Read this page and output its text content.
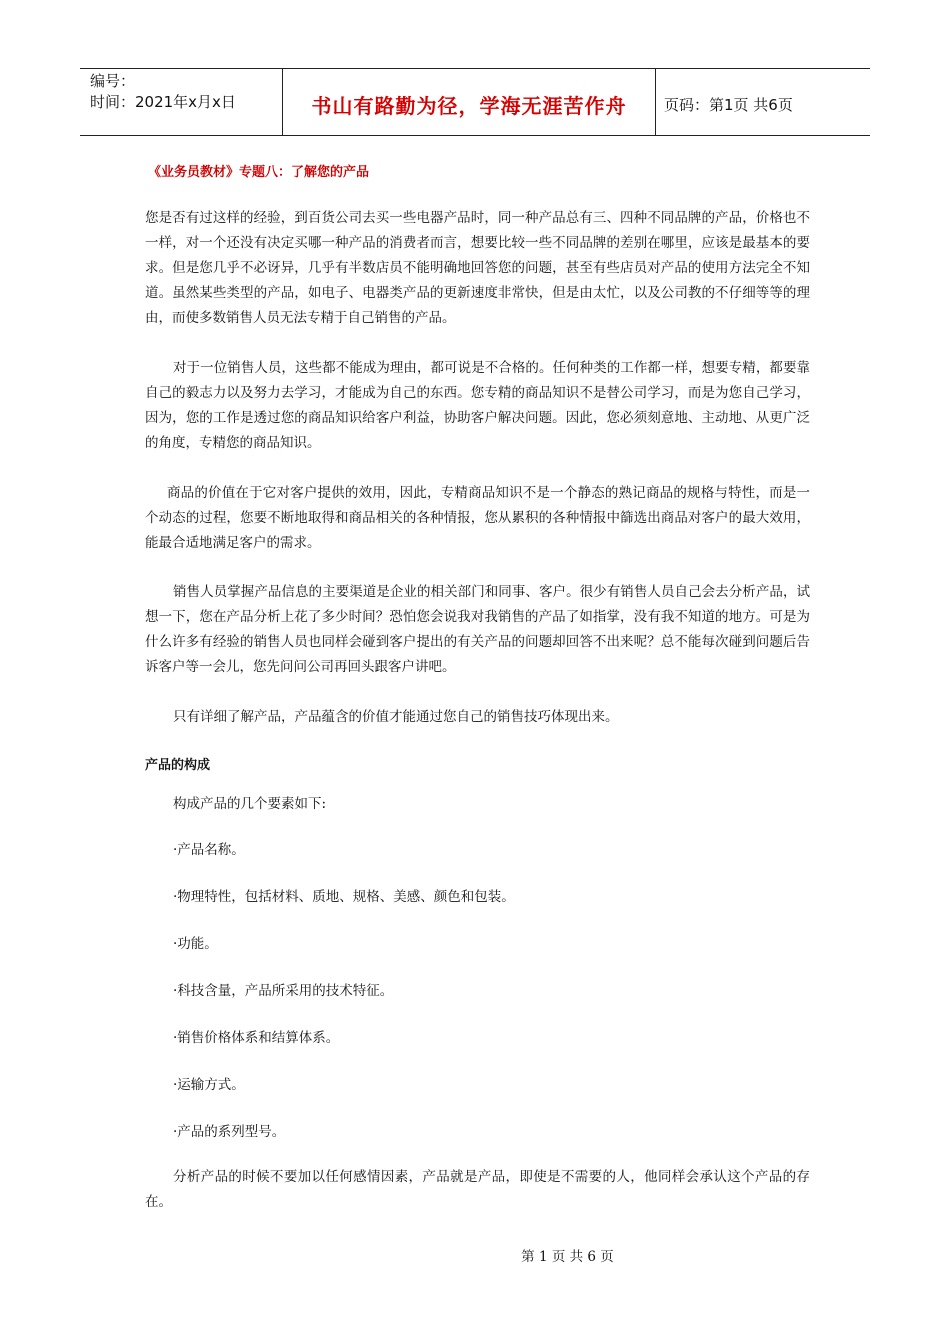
编号：
时间：2021年x月x日	书山有路勤为径，学海无涯苦作舟	页码：第1页 共6页
《业务员教材》专题八：了解您的产品

您是否有过这样的经验，到百货公司去买一些电器产品时，同一种产品总有三、四种不同品牌的产品，价格也不一样，对一个还没有决定买哪一种产品的消费者而言，想要比较一些不同品牌的差别在哪里，应该是最基本的要求。但是您几乎不必讶异，几乎有半数店员不能明确地回答您的问题，甚至有些店员对产品的使用方法完全不知道。虽然某些类型的产品，如电子、电器类产品的更新速度非常快，但是由太忙，以及公司教的不仔细等等的理由，而使多数销售人员无法专精于自己销售的产品。

对于一位销售人员，这些都不能成为理由，都可说是不合格的。任何种类的工作都一样，想要专精，都要靠自己的毅志力以及努力去学习，才能成为自己的东西。您专精的商品知识不是替公司学习，而是为您自己学习，因为，您的工作是透过您的商品知识给客户利益，协助客户解决问题。因此，您必须刻意地、主动地、从更广泛的角度，专精您的商品知识。

商品的价值在于它对客户提供的效用，因此，专精商品知识不是一个静态的熟记商品的规格与特性，而是一个动态的过程，您要不断地取得和商品相关的各种情报，您从累积的各种情报中篩选出商品对客户的最大效用，能最合适地满足客户的需求。

销售人员掌握产品信息的主要渠道是企业的相关部门和同事、客户。很少有销售人员自己会去分析产品，试想一下，您在产品分析上花了多少时间？恐怕您会说我对我销售的产品了如指掌，没有我不知道的地方。可是为什么许多有经验的销售人员也同样会碰到客户提出的有关产品的问题却回答不出来呢？总不能每次碰到问题后告诉客户等一会儿，您先问问公司再回头跟客户讲吧。

只有详细了解产品，产品蕴含的价值才能通过您自己的销售技巧体现出来。

产品的构成

构成产品的几个要素如下:

·产品名称。

·物理特性，包括材料、质地、规格、美感、颜色和包装。

·功能。

·科技含量，产品所采用的技术特征。

·销售价格体系和结算体系。

·运输方式。

·产品的系列型号。

分析产品的时候不要加以任何感情因素，产品就是产品，即使是不需要的人，他同样会承认这个产品的存在。

第 1 页 共 6 页
